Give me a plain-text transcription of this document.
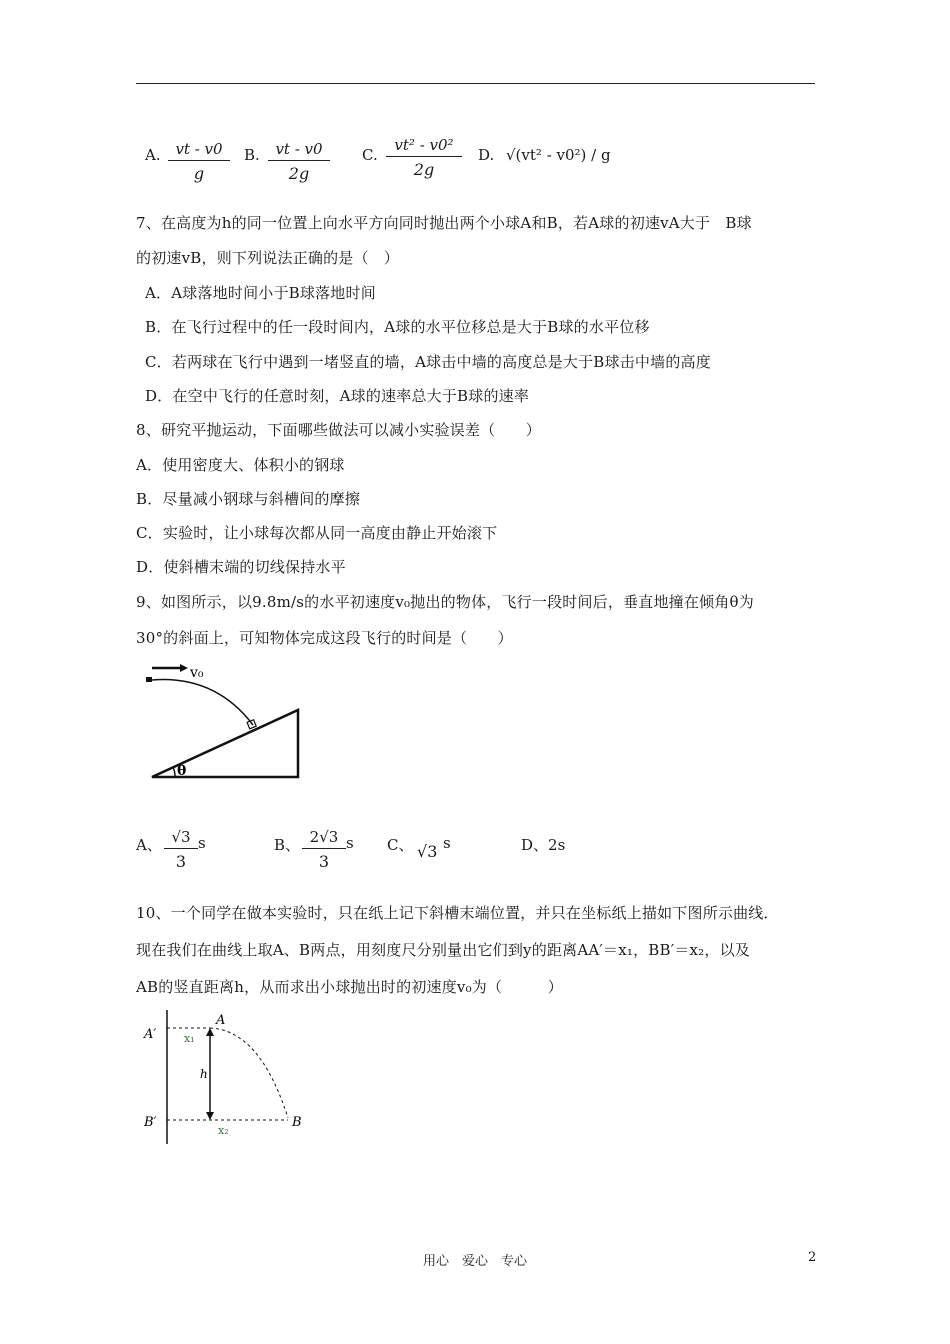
A. vt - v0
g
B.	vt - v0
2g
C.
vt² - v0²
2g
D. √(vt² - v0²) / g
7、在高度为h的同一位置上向水平方向同时抛出两个小球A和B，若A球的初速vA大于　B球
的初速vB，则下列说法正确的是（　）
A．A球落地时间小于B球落地时间
B．在飞行过程中的任一段时间内，A球的水平位移总是大于B球的水平位移
C．若两球在飞行中遇到一堵竖直的墙，A球击中墙的高度总是大于B球击中墙的高度
D．在空中飞行的任意时刻，A球的速率总大于B球的速率
8、研究平抛运动，下面哪些做法可以减小实验误差（　　）
A．使用密度大、体积小的钢球
B．尽量减小钢球与斜槽间的摩擦
C．实验时，让小球每次都从同一高度由静止开始滚下
D．使斜槽末端的切线保持水平
9、如图所示，以9.8m/s的水平初速度v₀抛出的物体，飞行一段时间后，垂直地撞在倾角θ为
30°的斜面上，可知物体完成这段飞行的时间是（　　）
v₀
θ
A、 √3
3
s	B、 2√3
3
s C、 √3 s	D、2s
10、一个同学在做本实验时，只在纸上记下斜槽末端位置，并只在坐标纸上描如下图所示曲线．
现在我们在曲线上取A、B两点，用刻度尺分别量出它们到y的距离AA′＝x₁，BB′＝x₂，以及
AB的竖直距离h，从而求出小球抛出时的初速度v₀为（　　　）
A′
A
B′	B
x₁
x₂
h
用心　爱心　专心	2
